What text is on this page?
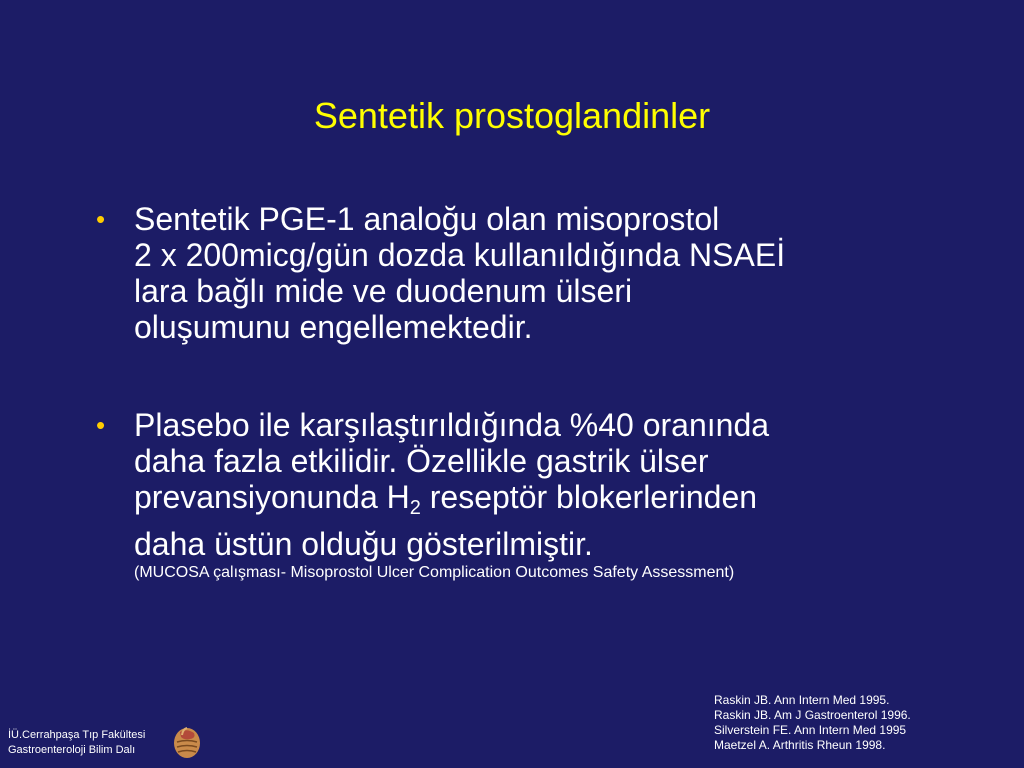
Sentetik prostoglandinler
• Sentetik PGE-1 analoğu olan misoprostol
2 x 200micg/gün dozda kullanıldığında NSAEİ
lara bağlı mide ve duodenum ülseri
oluşumunu engellemektedir.
• Plasebo ile karşılaştırıldığında %40 oranında
daha fazla etkilidir. Özellikle gastrik ülser
prevansiyonunda $H_2$ reseptör blokerlerinden
daha üstün olduğu gösterilmiştir.
(MUCOSA çalışması- Misoprostol Ulcer Complication Outcomes Safety Assessment)
Raskin JB. Ann Intern Med 1995.
Raskin JB. Am J Gastroenterol 1996.
Silverstein FE. Ann Intern Med 1995
Maetzel A. Arthritis Rheun 1998.
İÜ.Cerrahpaşa Tıp Fakültesi
Gastroenteroloji Bilim Dalı
